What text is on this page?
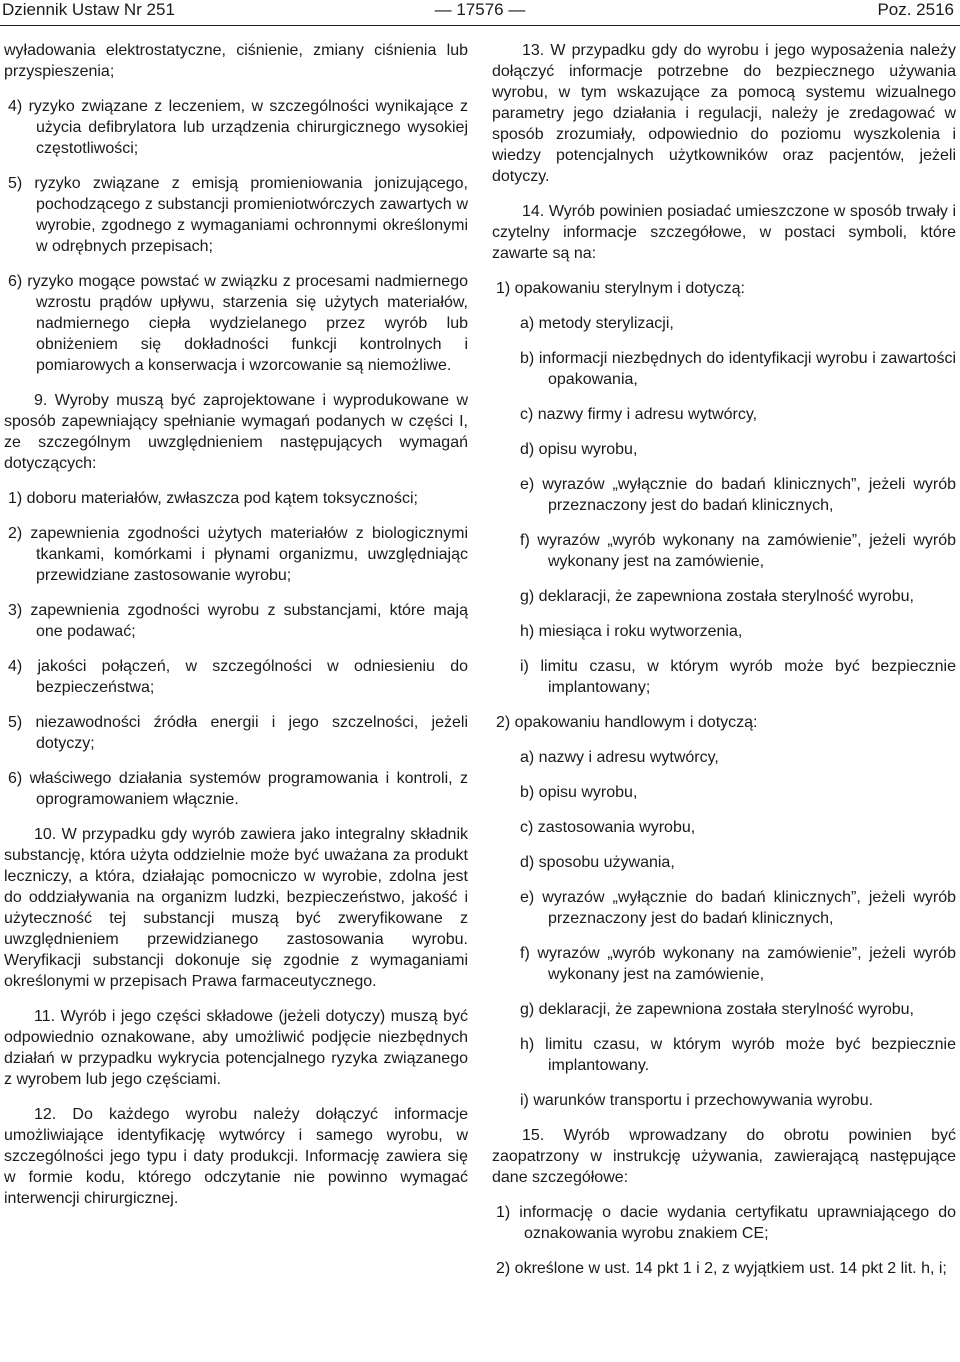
— 17576 —
Dziennik Ustaw Nr 251	Poz. 2516

wyładowania elektrostatyczne, ciśnienie, zmiany ciśnienia lub przyspieszenia;

4) ryzyko związane z leczeniem, w szczególności wynikające z użycia defibrylatora lub urządzenia chirurgicznego wysokiej częstotliwości;

5) ryzyko związane z emisją promieniowania jonizującego, pochodzącego z substancji promieniotwórczych zawartych w wyrobie, zgodnego z wymaganiami ochronnymi określonymi w odrębnych przepisach;

6) ryzyko mogące powstać w związku z procesami nadmiernego wzrostu prądów upływu, starzenia się użytych materiałów, nadmiernego ciepła wydzielanego przez wyrób lub obniżeniem się dokładności funkcji kontrolnych i pomiarowych a konserwacja i wzorcowanie są niemożliwe.

9. Wyroby muszą być zaprojektowane i wyprodukowane w sposób zapewniający spełnianie wymagań podanych w części I, ze szczególnym uwzględnieniem następujących wymagań dotyczących:

1) doboru materiałów, zwłaszcza pod kątem toksyczności;

2) zapewnienia zgodności użytych materiałów z biologicznymi tkankami, komórkami i płynami organizmu, uwzględniając przewidziane zastosowanie wyrobu;

3) zapewnienia zgodności wyrobu z substancjami, które mają one podawać;

4) jakości połączeń, w szczególności w odniesieniu do bezpieczeństwa;

5) niezawodności źródła energii i jego szczelności, jeżeli dotyczy;

6) właściwego działania systemów programowania i kontroli, z oprogramowaniem włącznie.

10. W przypadku gdy wyrób zawiera jako integralny składnik substancję, która użyta oddzielnie może być uważana za produkt leczniczy, a która, działając pomocniczo w wyrobie, zdolna jest do oddziaływania na organizm ludzki, bezpieczeństwo, jakość i użyteczność tej substancji muszą być zweryfikowane z uwzględnieniem przewidzianego zastosowania wyrobu. Weryfikacji substancji dokonuje się zgodnie z wymaganiami określonymi w przepisach Prawa farmaceutycznego.

11. Wyrób i jego części składowe (jeżeli dotyczy) muszą być odpowiednio oznakowane, aby umożliwić podjęcie niezbędnych działań w przypadku wykrycia potencjalnego ryzyka związanego z wyrobem lub jego częściami.

12. Do każdego wyrobu należy dołączyć informacje umożliwiające identyfikację wytwórcy i samego wyrobu, w szczególności jego typu i daty produkcji. Informację zawiera się w formie kodu, którego odczytanie nie powinno wymagać interwencji chirurgicznej.

13. W przypadku gdy do wyrobu i jego wyposażenia należy dołączyć informacje potrzebne do bezpiecznego używania wyrobu, w tym wskazujące za pomocą systemu wizualnego parametry jego działania i regulacji, należy je zredagować w sposób zrozumiały, odpowiednio do poziomu wyszkolenia i wiedzy potencjalnych użytkowników oraz pacjentów, jeżeli dotyczy.

14. Wyrób powinien posiadać umieszczone w sposób trwały i czytelny informacje szczegółowe, w postaci symboli, które zawarte są na:

1) opakowaniu sterylnym i dotyczą:

a) metody sterylizacji,

b) informacji niezbędnych do identyfikacji wyrobu i zawartości opakowania,

c) nazwy firmy i adresu wytwórcy,

d) opisu wyrobu,

e) wyrazów „wyłącznie do badań klinicznych”, jeżeli wyrób przeznaczony jest do badań klinicznych,

f) wyrazów „wyrób wykonany na zamówienie”, jeżeli wyrób wykonany jest na zamówienie,

g) deklaracji, że zapewniona została sterylność wyrobu,

h) miesiąca i roku wytworzenia,

i) limitu czasu, w którym wyrób może być bezpiecznie implantowany;

2) opakowaniu handlowym i dotyczą:

a) nazwy i adresu wytwórcy,

b) opisu wyrobu,

c) zastosowania wyrobu,

d) sposobu używania,

e) wyrazów „wyłącznie do badań klinicznych”, jeżeli wyrób przeznaczony jest do badań klinicznych,

f) wyrazów „wyrób wykonany na zamówienie”, jeżeli wyrób wykonany jest na zamówienie,

g) deklaracji, że zapewniona została sterylność wyrobu,

h) limitu czasu, w którym wyrób może być bezpiecznie implantowany.

i) warunków transportu i przechowywania wyrobu.

15. Wyrób wprowadzany do obrotu powinien być zaopatrzony w instrukcję używania, zawierającą następujące dane szczegółowe:

1) informację o dacie wydania certyfikatu uprawniającego do oznakowania wyrobu znakiem CE;

2) określone w ust. 14 pkt 1 i 2, z wyjątkiem ust. 14 pkt 2 lit. h, i;
